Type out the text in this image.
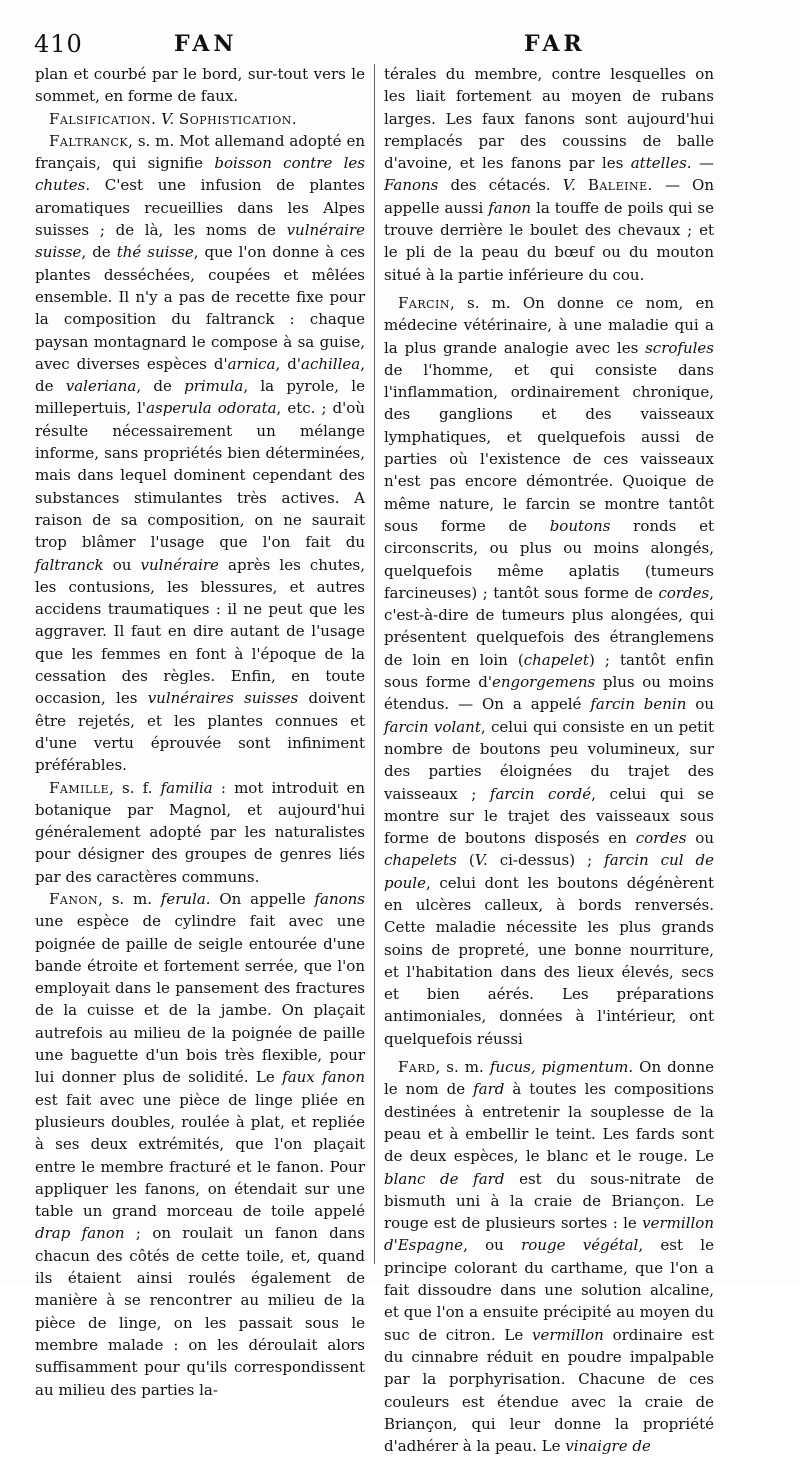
410	FAN	FAR

plan et courbé par le bord, sur-tout vers le sommet, en forme de faux.

Falsification. V. Sophistication.

Faltranck, s. m. Mot allemand adopté en français, qui signifie boisson contre les chutes. C'est une infusion de plantes aromatiques recueillies dans les Alpes suisses ; de là, les noms de vulnéraire suisse, de thé suisse, que l'on donne à ces plantes desséchées, coupées et mêlées ensemble. Il n'y a pas de recette fixe pour la composition du faltranck : chaque paysan montagnard le compose à sa guise, avec diverses espèces d'arnica, d'achillea, de valeriana, de primula, la pyrole, le millepertuis, l'asperula odorata, etc. ; d'où résulte nécessairement un mélange informe, sans propriétés bien déterminées, mais dans lequel dominent cependant des substances stimulantes très actives. A raison de sa composition, on ne saurait trop blâmer l'usage que l'on fait du faltranck ou vulnéraire après les chutes, les contusions, les blessures, et autres accidens traumatiques : il ne peut que les aggraver. Il faut en dire autant de l'usage que les femmes en font à l'époque de la cessation des règles. Enfin, en toute occasion, les vulnéraires suisses doivent être rejetés, et les plantes connues et d'une vertu éprouvée sont infiniment préférables.

Famille, s. f. familia : mot introduit en botanique par Magnol, et aujourd'hui généralement adopté par les naturalistes pour désigner des groupes de genres liés par des caractères communs.

Fanon, s. m. ferula. On appelle fanons une espèce de cylindre fait avec une poignée de paille de seigle entourée d'une bande étroite et fortement serrée, que l'on employait dans le pansement des fractures de la cuisse et de la jambe. On plaçait autrefois au milieu de la poignée de paille une baguette d'un bois très flexible, pour lui donner plus de solidité. Le faux fanon est fait avec une pièce de linge pliée en plusieurs doubles, roulée à plat, et repliée à ses deux extrémités, que l'on plaçait entre le membre fracturé et le fanon. Pour appliquer les fanons, on étendait sur une table un grand morceau de toile appelé drap fanon ; on roulait un fanon dans chacun des côtés de cette toile, et, quand ils étaient ainsi roulés également de manière à se rencontrer au milieu de la pièce de linge, on les passait sous le membre malade : on les déroulait alors suffisamment pour qu'ils correspondissent au milieu des parties la-

térales du membre, contre lesquelles on les liait fortement au moyen de rubans larges. Les faux fanons sont aujourd'hui remplacés par des coussins de balle d'avoine, et les fanons par les attelles. — Fanons des cétacés. V. Baleine. — On appelle aussi fanon la touffe de poils qui se trouve derrière le boulet des chevaux ; et le pli de la peau du bœuf ou du mouton situé à la partie inférieure du cou.

Farcin, s. m. On donne ce nom, en médecine vétérinaire, à une maladie qui a la plus grande analogie avec les scrofules de l'homme, et qui consiste dans l'inflammation, ordinairement chronique, des ganglions et des vaisseaux lymphatiques, et quelquefois aussi de parties où l'existence de ces vaisseaux n'est pas encore démontrée. Quoique de même nature, le farcin se montre tantôt sous forme de boutons ronds et circonscrits, ou plus ou moins alongés, quelquefois même aplatis (tumeurs farcineuses) ; tantôt sous forme de cordes, c'est-à-dire de tumeurs plus alongées, qui présentent quelquefois des étranglemens de loin en loin (chapelet) ; tantôt enfin sous forme d'engorgemens plus ou moins étendus. — On a appelé farcin benin ou farcin volant, celui qui consiste en un petit nombre de boutons peu volumineux, sur des parties éloignées du trajet des vaisseaux ; farcin cordé, celui qui se montre sur le trajet des vaisseaux sous forme de boutons disposés en cordes ou chapelets (V. ci-dessus) ; farcin cul de poule, celui dont les boutons dégénèrent en ulcères calleux, à bords renversés. Cette maladie nécessite les plus grands soins de propreté, une bonne nourriture, et l'habitation dans des lieux élevés, secs et bien aérés. Les préparations antimoniales, données à l'intérieur, ont quelquefois réussi

Fard, s. m. fucus, pigmentum. On donne le nom de fard à toutes les compositions destinées à entretenir la souplesse de la peau et à embellir le teint. Les fards sont de deux espèces, le blanc et le rouge. Le blanc de fard est du sous-nitrate de bismuth uni à la craie de Briançon. Le rouge est de plusieurs sortes : le vermillon d'Espagne, ou rouge végétal, est le principe colorant du carthame, que l'on a fait dissoudre dans une solution alcaline, et que l'on a ensuite précipité au moyen du suc de citron. Le vermillon ordinaire est du cinnabre réduit en poudre impalpable par la porphyrisation. Chacune de ces couleurs est étendue avec la craie de Briançon, qui leur donne la propriété d'adhérer à la peau. Le vinaigre de
